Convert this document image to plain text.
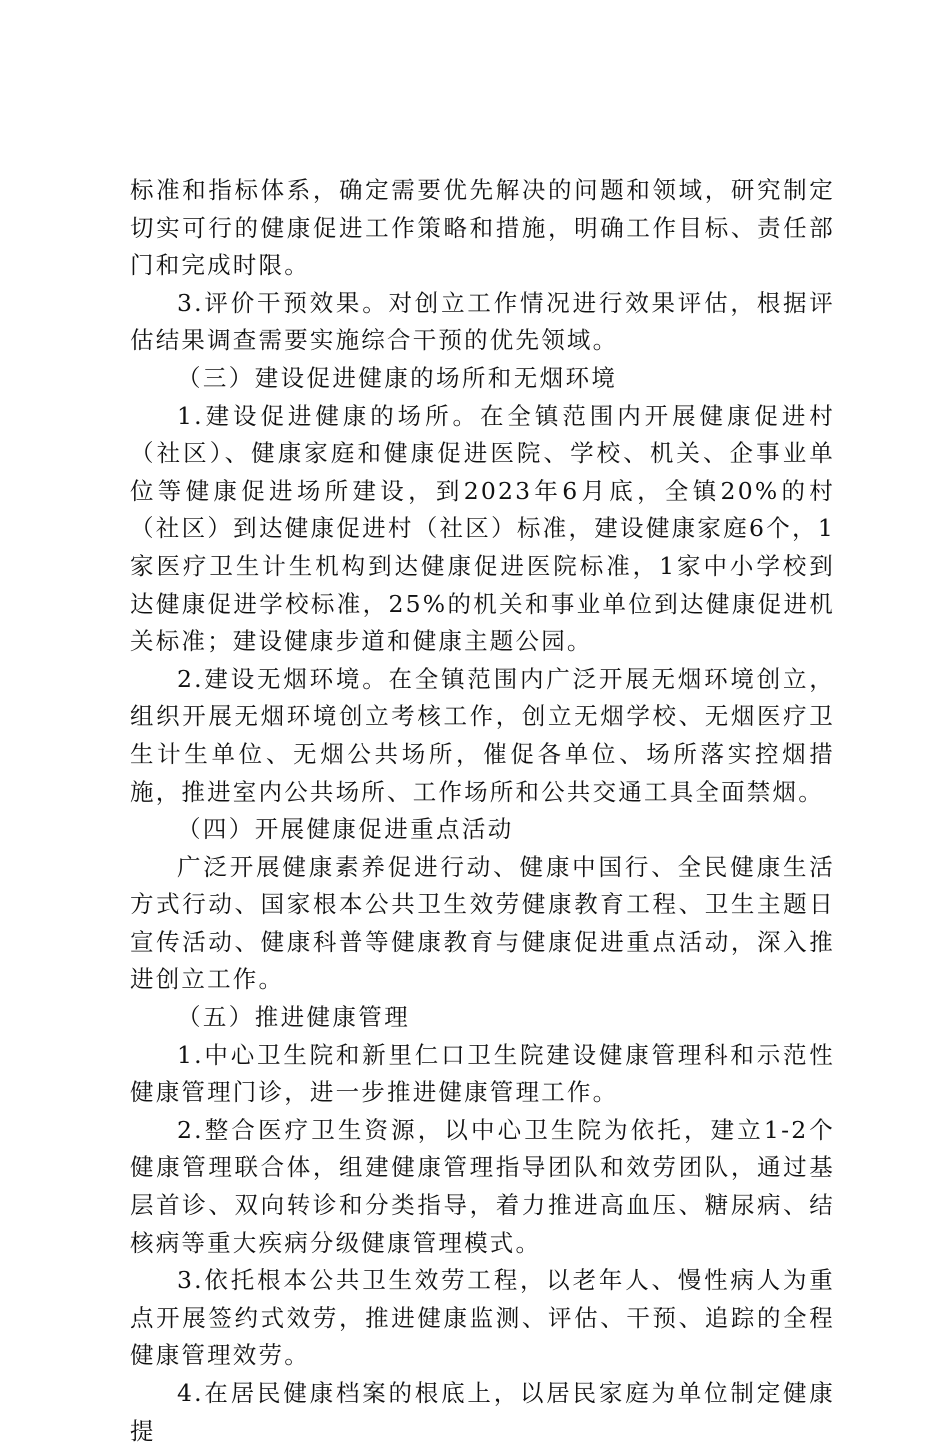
标准和指标体系，确定需要优先解决的问题和领域，研究制定切实可行的健康促进工作策略和措施，明确工作目标、责任部门和完成时限。

3.评价干预效果。对创立工作情况进行效果评估，根据评估结果调查需要实施综合干预的优先领域。

（三）建设促进健康的场所和无烟环境

1.建设促进健康的场所。在全镇范围内开展健康促进村（社区）、健康家庭和健康促进医院、学校、机关、企事业单位等健康促进场所建设，到2023年6月底，全镇20%的村（社区）到达健康促进村（社区）标准，建设健康家庭6个，1家医疗卫生计生机构到达健康促进医院标准，1家中小学校到达健康促进学校标准，25%的机关和事业单位到达健康促进机关标准；建设健康步道和健康主题公园。

2.建设无烟环境。在全镇范围内广泛开展无烟环境创立，组织开展无烟环境创立考核工作，创立无烟学校、无烟医疗卫生计生单位、无烟公共场所，催促各单位、场所落实控烟措施，推进室内公共场所、工作场所和公共交通工具全面禁烟。

（四）开展健康促进重点活动

广泛开展健康素养促进行动、健康中国行、全民健康生活方式行动、国家根本公共卫生效劳健康教育工程、卫生主题日宣传活动、健康科普等健康教育与健康促进重点活动，深入推进创立工作。

（五）推进健康管理

1.中心卫生院和新里仁口卫生院建设健康管理科和示范性健康管理门诊，进一步推进健康管理工作。

2.整合医疗卫生资源，以中心卫生院为依托，建立1-2个健康管理联合体，组建健康管理指导团队和效劳团队，通过基层首诊、双向转诊和分类指导，着力推进高血压、糖尿病、结核病等重大疾病分级健康管理模式。

3.依托根本公共卫生效劳工程，以老年人、慢性病人为重点开展签约式效劳，推进健康监测、评估、干预、追踪的全程健康管理效劳。

4.在居民健康档案的根底上，以居民家庭为单位制定健康提
